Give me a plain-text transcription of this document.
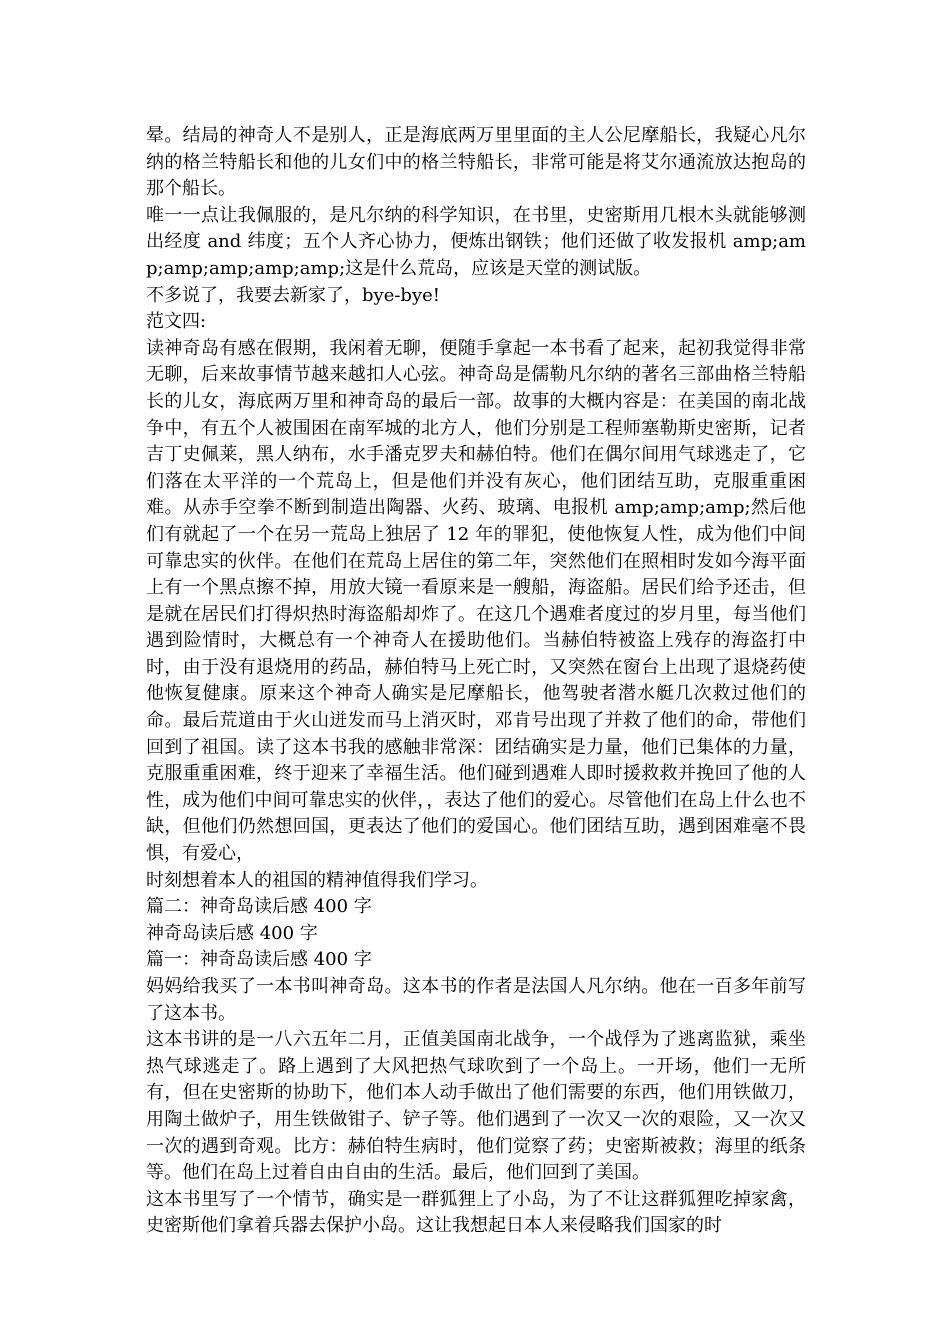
晕。结局的神奇人不是别人，正是海底两万里里面的主人公尼摩船长，我疑心凡尔纳的格兰特船长和他的儿女们中的格兰特船长，非常可能是将艾尔通流放达抱岛的那个船长。

唯一一点让我佩服的，是凡尔纳的科学知识，在书里，史密斯用几根木头就能够测出经度 and 纬度；五个人齐心协力，便炼出钢铁；他们还做了收发报机 amp;amp;amp;amp;amp;amp;这是什么荒岛，应该是天堂的测试版。

不多说了，我要去新家了，bye-bye!

范文四:

读神奇岛有感在假期，我闲着无聊，便随手拿起一本书看了起来，起初我觉得非常无聊，后来故事情节越来越扣人心弦。神奇岛是儒勒凡尔纳的著名三部曲格兰特船长的儿女，海底两万里和神奇岛的最后一部。故事的大概内容是：在美国的南北战争中，有五个人被围困在南军城的北方人，他们分别是工程师塞勒斯史密斯，记者吉丁史佩莱，黑人纳布，水手潘克罗夫和赫伯特。他们在偶尔间用气球逃走了，它们落在太平洋的一个荒岛上，但是他们并没有灰心，他们团结互助，克服重重困难。从赤手空拳不断到制造出陶器、火药、玻璃、电报机 amp;amp;amp;然后他们有就起了一个在另一荒岛上独居了 12 年的罪犯，使他恢复人性，成为他们中间可靠忠实的伙伴。在他们在荒岛上居住的第二年，突然他们在照相时发如今海平面上有一个黑点擦不掉，用放大镜一看原来是一艘船，海盗船。居民们给予还击，但是就在居民们打得炽热时海盗船却炸了。在这几个遇难者度过的岁月里，每当他们遇到险情时，大概总有一个神奇人在援助他们。当赫伯特被盗上残存的海盗打中时，由于没有退烧用的药品，赫伯特马上死亡时，又突然在窗台上出现了退烧药使他恢复健康。原来这个神奇人确实是尼摩船长，他驾驶者潜水艇几次救过他们的命。最后荒道由于火山迸发而马上消灭时，邓肯号出现了并救了他们的命，带他们回到了祖国。读了这本书我的感触非常深：团结确实是力量，他们已集体的力量，克服重重困难，终于迎来了幸福生活。他们碰到遇难人即时援救救并挽回了他的人性，成为他们中间可靠忠实的伙伴，，表达了他们的爱心。尽管他们在岛上什么也不缺，但他们仍然想回国，更表达了他们的爱国心。他们团结互助，遇到困难毫不畏惧，有爱心，

时刻想着本人的祖国的精神值得我们学习。

篇二：神奇岛读后感 400 字

神奇岛读后感 400 字

篇一：神奇岛读后感 400 字

妈妈给我买了一本书叫神奇岛。这本书的作者是法国人凡尔纳。他在一百多年前写了这本书。

这本书讲的是一八六五年二月，正值美国南北战争，一个战俘为了逃离监狱，乘坐热气球逃走了。路上遇到了大风把热气球吹到了一个岛上。一开场，他们一无所有，但在史密斯的协助下，他们本人动手做出了他们需要的东西，他们用铁做刀，用陶土做炉子，用生铁做钳子、铲子等。他们遇到了一次又一次的艰险，又一次又一次的遇到奇观。比方：赫伯特生病时，他们觉察了药；史密斯被救；海里的纸条等。他们在岛上过着自由自由的生活。最后，他们回到了美国。

这本书里写了一个情节，确实是一群狐狸上了小岛，为了不让这群狐狸吃掉家禽，史密斯他们拿着兵器去保护小岛。这让我想起日本人来侵略我们国家的时
